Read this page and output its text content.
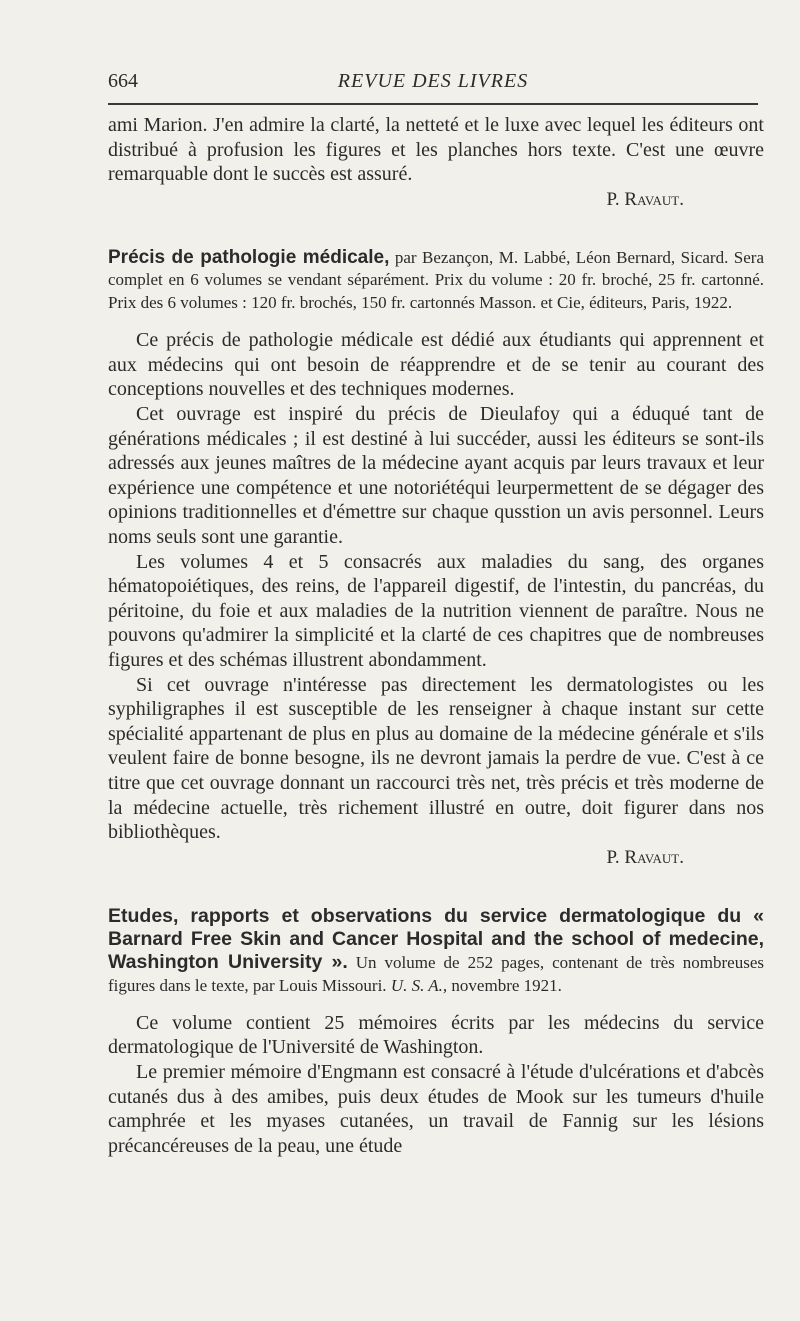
664	REVUE DES LIVRES

ami Marion. J'en admire la clarté, la netteté et le luxe avec lequel les éditeurs ont distribué à profusion les figures et les planches hors texte. C'est une œuvre remarquable dont le succès est assuré.

P. Ravaut.

Précis de pathologie médicale, par Bezançon, M. Labbé, Léon Bernard, Sicard. Sera complet en 6 volumes se vendant séparément. Prix du volume : 20 fr. broché, 25 fr. cartonné. Prix des 6 volumes : 120 fr. brochés, 150 fr. cartonnés Masson. et Cie, éditeurs, Paris, 1922.

Ce précis de pathologie médicale est dédié aux étudiants qui apprennent et aux médecins qui ont besoin de réapprendre et de se tenir au courant des conceptions nouvelles et des techniques modernes.

Cet ouvrage est inspiré du précis de Dieulafoy qui a éduqué tant de générations médicales ; il est destiné à lui succéder, aussi les éditeurs se sont-ils adressés aux jeunes maîtres de la médecine ayant acquis par leurs travaux et leur expérience une compétence et une notoriétéqui leurpermettent de se dégager des opinions traditionnelles et d'émettre sur chaque qusstion un avis personnel. Leurs noms seuls sont une garantie.

Les volumes 4 et 5 consacrés aux maladies du sang, des organes hématopoiétiques, des reins, de l'appareil digestif, de l'intestin, du pancréas, du péritoine, du foie et aux maladies de la nutrition viennent de paraître. Nous ne pouvons qu'admirer la simplicité et la clarté de ces chapitres que de nombreuses figures et des schémas illustrent abondamment.

Si cet ouvrage n'intéresse pas directement les dermatologistes ou les syphiligraphes il est susceptible de les renseigner à chaque instant sur cette spécialité appartenant de plus en plus au domaine de la médecine générale et s'ils veulent faire de bonne besogne, ils ne devront jamais la perdre de vue. C'est à ce titre que cet ouvrage donnant un raccourci très net, très précis et très moderne de la médecine actuelle, très richement illustré en outre, doit figurer dans nos bibliothèques.

P. Ravaut.

Etudes, rapports et observations du service dermatologique du « Barnard Free Skin and Cancer Hospital and the school of medecine, Washington University ». Un volume de 252 pages, contenant de très nombreuses figures dans le texte, par Louis Missouri. U. S. A., novembre 1921.

Ce volume contient 25 mémoires écrits par les médecins du service dermatologique de l'Université de Washington.

Le premier mémoire d'Engmann est consacré à l'étude d'ulcérations et d'abcès cutanés dus à des amibes, puis deux études de Mook sur les tumeurs d'huile camphrée et les myases cutanées, un travail de Fannig sur les lésions précancéreuses de la peau, une étude
